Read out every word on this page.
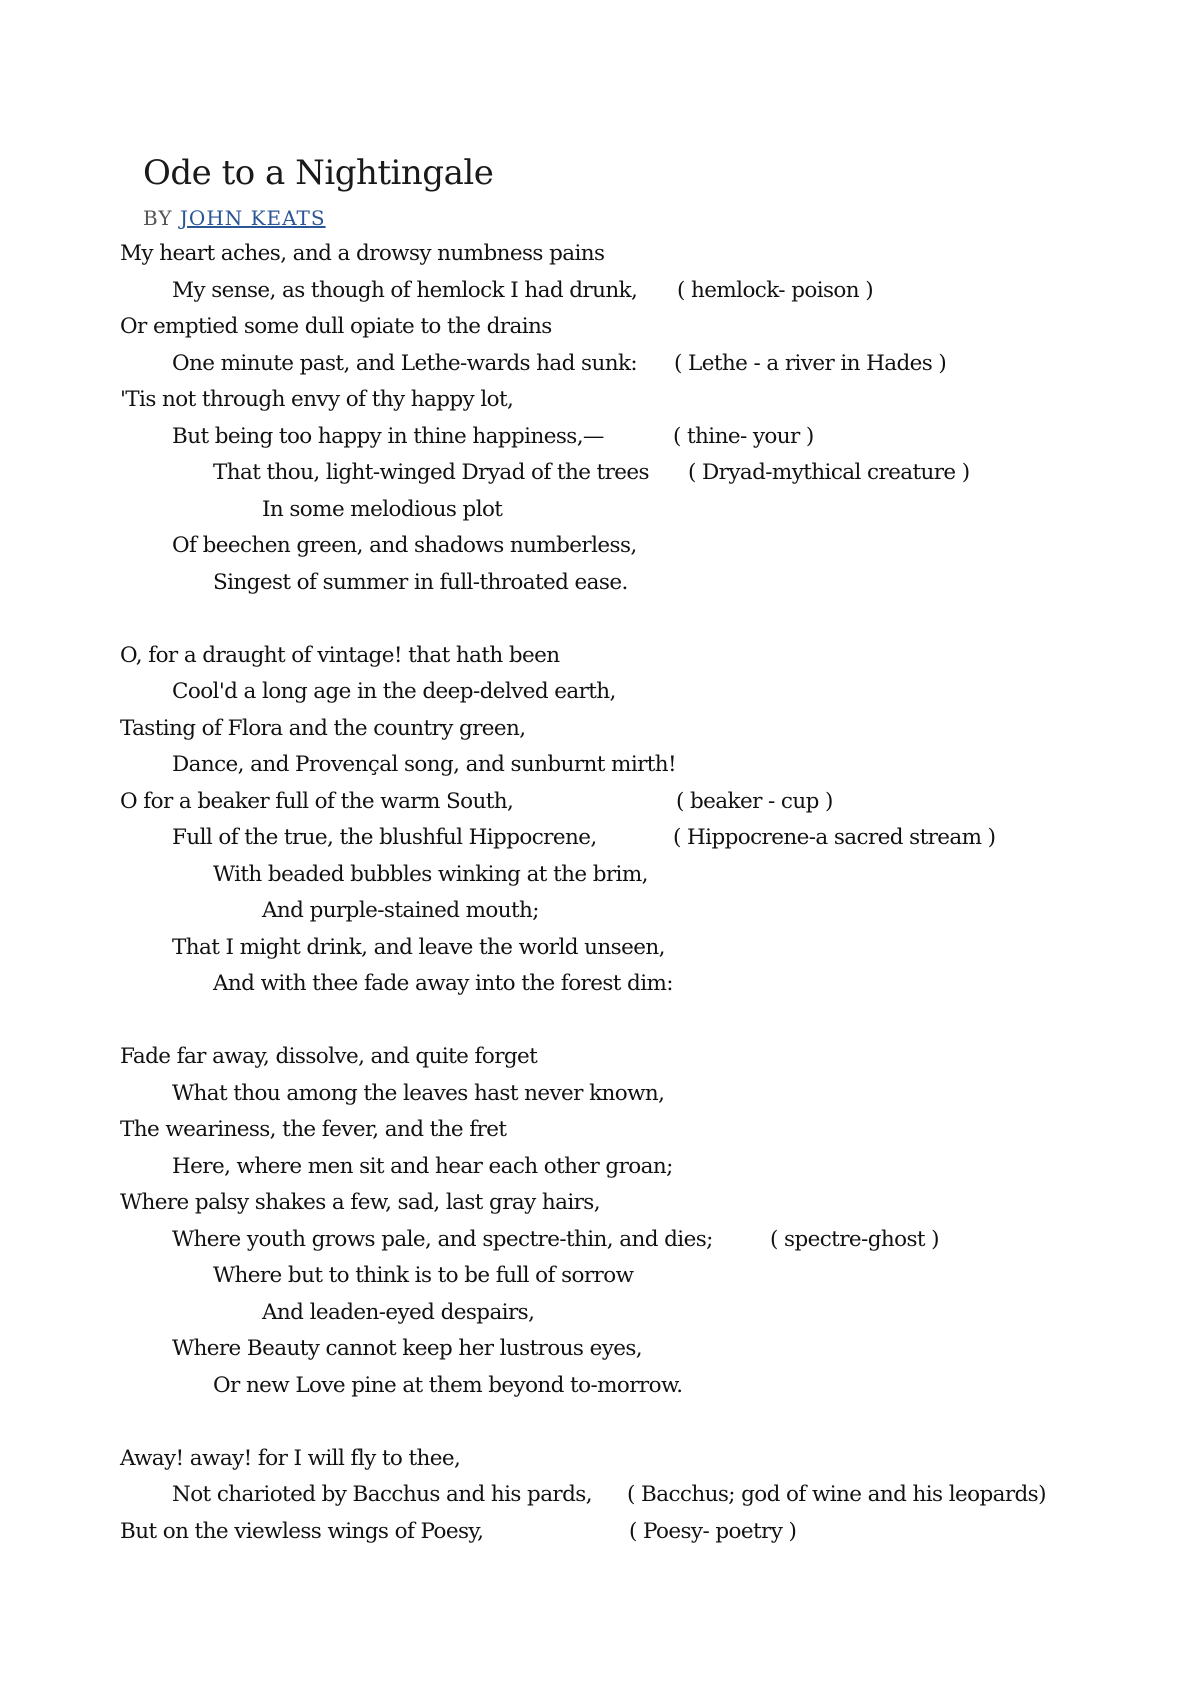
Ode to a Nightingale
BY JOHN KEATS
My heart aches, and a drowsy numbness pains
My sense, as though of hemlock I had drunk, ( hemlock- poison )
Or emptied some dull opiate to the drains
One minute past, and Lethe-wards had sunk: ( Lethe - a river in Hades )
'Tis not through envy of thy happy lot,
But being too happy in thine happiness,—	( thine- your )
That thou, light-winged Dryad of the trees ( Dryad-mythical creature )
In some melodious plot
Of beechen green, and shadows numberless,
Singest of summer in full-throated ease.
O, for a draught of vintage! that hath been
Cool'd a long age in the deep-delved earth,
Tasting of Flora and the country green,
Dance, and Provençal song, and sunburnt mirth!
O for a beaker full of the warm South,	( beaker - cup )
Full of the true, the blushful Hippocrene,	( Hippocrene-a sacred stream )
With beaded bubbles winking at the brim,
And purple-stained mouth;
That I might drink, and leave the world unseen,
And with thee fade away into the forest dim:
Fade far away, dissolve, and quite forget
What thou among the leaves hast never known,
The weariness, the fever, and the fret
Here, where men sit and hear each other groan;
Where palsy shakes a few, sad, last gray hairs,
Where youth grows pale, and spectre-thin, and dies;	( spectre-ghost )
Where but to think is to be full of sorrow
And leaden-eyed despairs,
Where Beauty cannot keep her lustrous eyes,
Or new Love pine at them beyond to-morrow.
Away! away! for I will fly to thee,
Not charioted by Bacchus and his pards, ( Bacchus; god of wine and his leopards)
But on the viewless wings of Poesy,	( Poesy- poetry )
